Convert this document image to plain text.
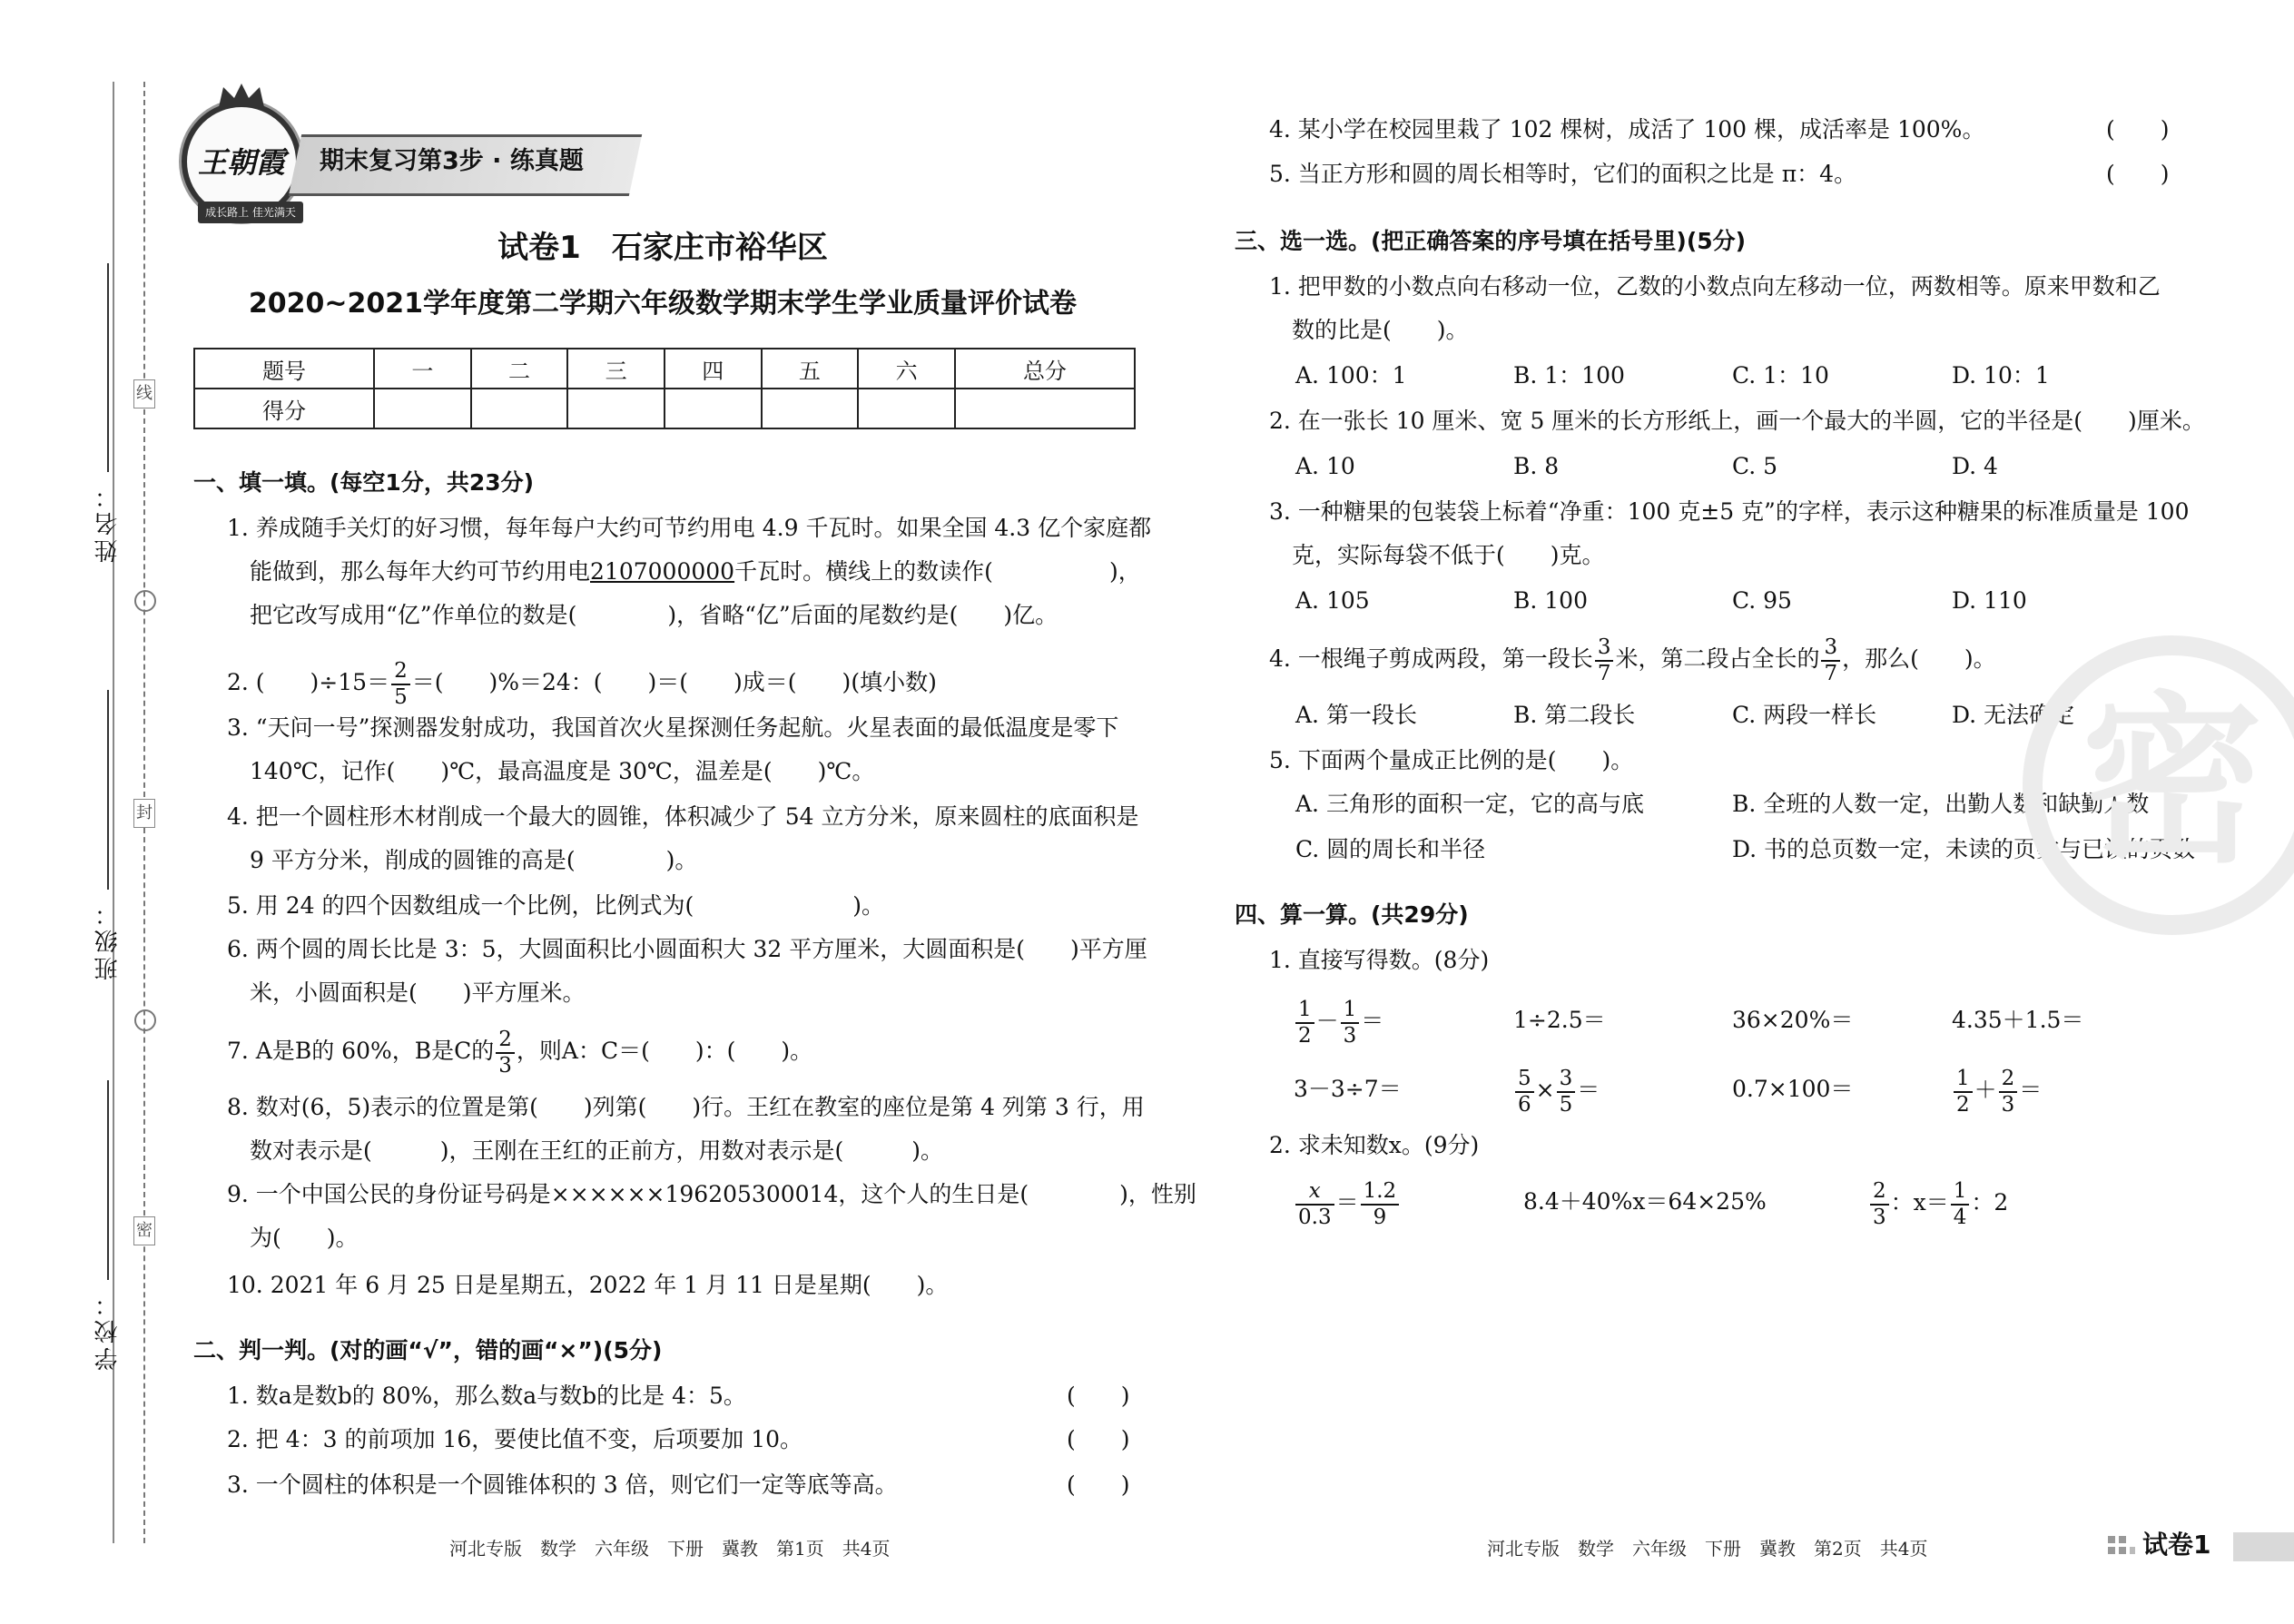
线
封
密
姓名：
班级：
学校：
王朝霞
成长路上 佳光满天
期末复习第3步 · 练真题
试卷1　石家庄市裕华区
2020~2021学年度第二学期六年级数学期末学生学业质量评价试卷
题号	一	二	三	四	五	六	总分
得分							
一、填一填。(每空1分，共23分)
1. 养成随手关灯的好习惯，每年每户大约可节约用电 4.9 千瓦时。如果全国 4.3 亿个家庭都
能做到，那么每年大约可节约用电2107000000千瓦时。横线上的数读作(	)，
把它改写成用“亿”作单位的数是(　　　　)，省略“亿”后面的尾数约是(　　)亿。
2. (　　)$\div 15= \frac{2}{5}$ ＝(　　)%＝24：(　　)＝(　　)成＝(　　)(填小数)
3. “天问一号”探测器发射成功，我国首次火星探测任务起航。火星表面的最低温度是零下
140℃，记作(　　)℃，最高温度是 30℃，温差是(　　)℃。
4. 把一个圆柱形木材削成一个最大的圆锥，体积减少了 54 立方分米，原来圆柱的底面积是
9 平方分米，削成的圆锥的高是(　　　　)。
5. 用 24 的四个因数组成一个比例，比例式为(　　　　　　　)。
6. 两个圆的周长比是 3：5，大圆面积比小圆面积大 32 平方厘米，大圆面积是(　　)平方厘
米，小圆面积是(　　)平方厘米。
7. A是B的 60%，B是C的 $\frac{2}{3}$ ，则A：C＝(　　)：(　　)。
8. 数对(6，5)表示的位置是第(　　)列第(　　)行。王红在教室的座位是第 4 列第 3 行，用
数对表示是(　　　)，王刚在王红的正前方，用数对表示是(　　　)。
9. 一个中国公民的身份证号码是××××××196205300014，这个人的生日是(　　　　)，性别
为(　　)。
10. 2021 年 6 月 25 日是星期五，2022 年 1 月 11 日是星期(　　)。
二、判一判。(对的画“√”，错的画“×”)(5分)
1. 数a是数b的 80%，那么数a与数b的比是 4：5。	(　　)
2. 把 4：3 的前项加 16，要使比值不变，后项要加 10。	(　　)
3. 一个圆柱的体积是一个圆锥体积的 3 倍，则它们一定等底等高。	(　　)
河北专版　数学　六年级　下册　冀教　第1页　共4页
4. 某小学在校园里栽了 102 棵树，成活了 100 棵，成活率是 100%。	(　　)
5. 当正方形和圆的周长相等时，它们的面积之比是 π：4。	(　　)
三、选一选。(把正确答案的序号填在括号里)(5分)
1. 把甲数的小数点向右移动一位，乙数的小数点向左移动一位，两数相等。原来甲数和乙
数的比是(　　)。
A. 100：1	B. 1：100	C. 1：10	D. 10：1
2. 在一张长 10 厘米、宽 5 厘米的长方形纸上，画一个最大的半圆，它的半径是(　　)厘米。
A. 10	B. 8	C. 5	D. 4
3. 一种糖果的包装袋上标着“净重：100 克±5 克”的字样，表示这种糖果的标准质量是 100
克，实际每袋不低于(　　)克。
A. 105	B. 100	C. 95	D. 110
4. 一根绳子剪成两段，第一段长 $\frac{3}{7}$ 米，第二段占全长的 $\frac{3}{7}$ ，那么(　　)。
A. 第一段长	B. 第二段长	C. 两段一样长	D. 无法确定
5. 下面两个量成正比例的是(　　)。
A. 三角形的面积一定，它的高与底	B. 全班的人数一定，出勤人数和缺勤人数
C. 圆的周长和半径	D. 书的总页数一定，未读的页数与已读的页数
四、算一算。(共29分)
1. 直接写得数。(8分)
$\frac{1}{2} - \frac{1}{3}$ ＝	1÷2.5＝	36×20%＝	4.35＋1.5＝
3－3÷7＝	$\frac{5}{6} \times \frac{3}{5}$ ＝	0.7×100＝	$\frac{1}{2} + \frac{2}{3}$ ＝
2. 求未知数x。(9分)
$\frac{x}{0.3} = \frac{1.2}{9}$	8.4＋40%x＝64×25%	$\frac{2}{3}$ ：$x= \frac{1}{4}$ ：2
密
河北专版　数学　六年级　下册　冀教　第2页　共4页	试卷1
